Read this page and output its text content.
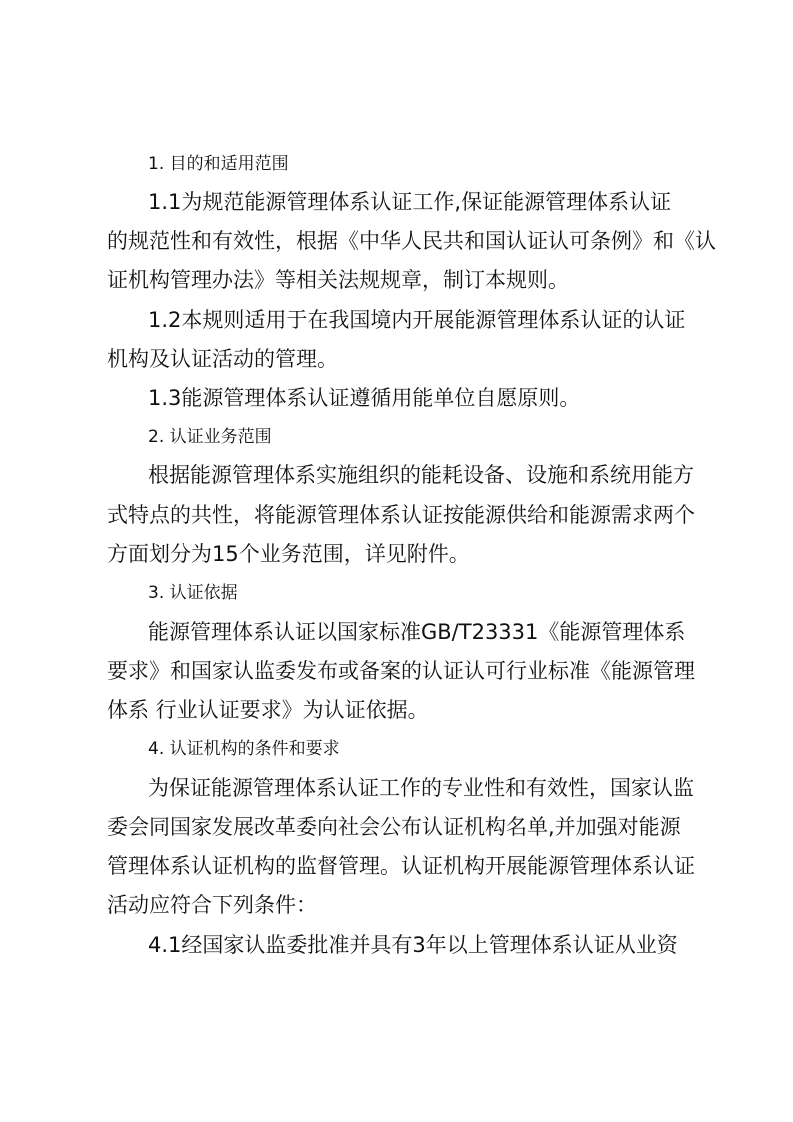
1. 目的和适用范围
1.1为规范能源管理体系认证工作,保证能源管理体系认证
的规范性和有效性，根据《中华人民共和国认证认可条例》和《认
证机构管理办法》等相关法规规章，制订本规则。
1.2本规则适用于在我国境内开展能源管理体系认证的认证
机构及认证活动的管理。
1.3能源管理体系认证遵循用能单位自愿原则。
2. 认证业务范围
根据能源管理体系实施组织的能耗设备、设施和系统用能方
式特点的共性，将能源管理体系认证按能源供给和能源需求两个
方面划分为15个业务范围，详见附件。
3. 认证依据
能源管理体系认证以国家标准GB/T23331《能源管理体系
要求》和国家认监委发布或备案的认证认可行业标准《能源管理
体系 行业认证要求》为认证依据。
4. 认证机构的条件和要求
为保证能源管理体系认证工作的专业性和有效性，国家认监
委会同国家发展改革委向社会公布认证机构名单,并加强对能源
管理体系认证机构的监督管理。认证机构开展能源管理体系认证
活动应符合下列条件：
4.1经国家认监委批准并具有3年以上管理体系认证从业资
